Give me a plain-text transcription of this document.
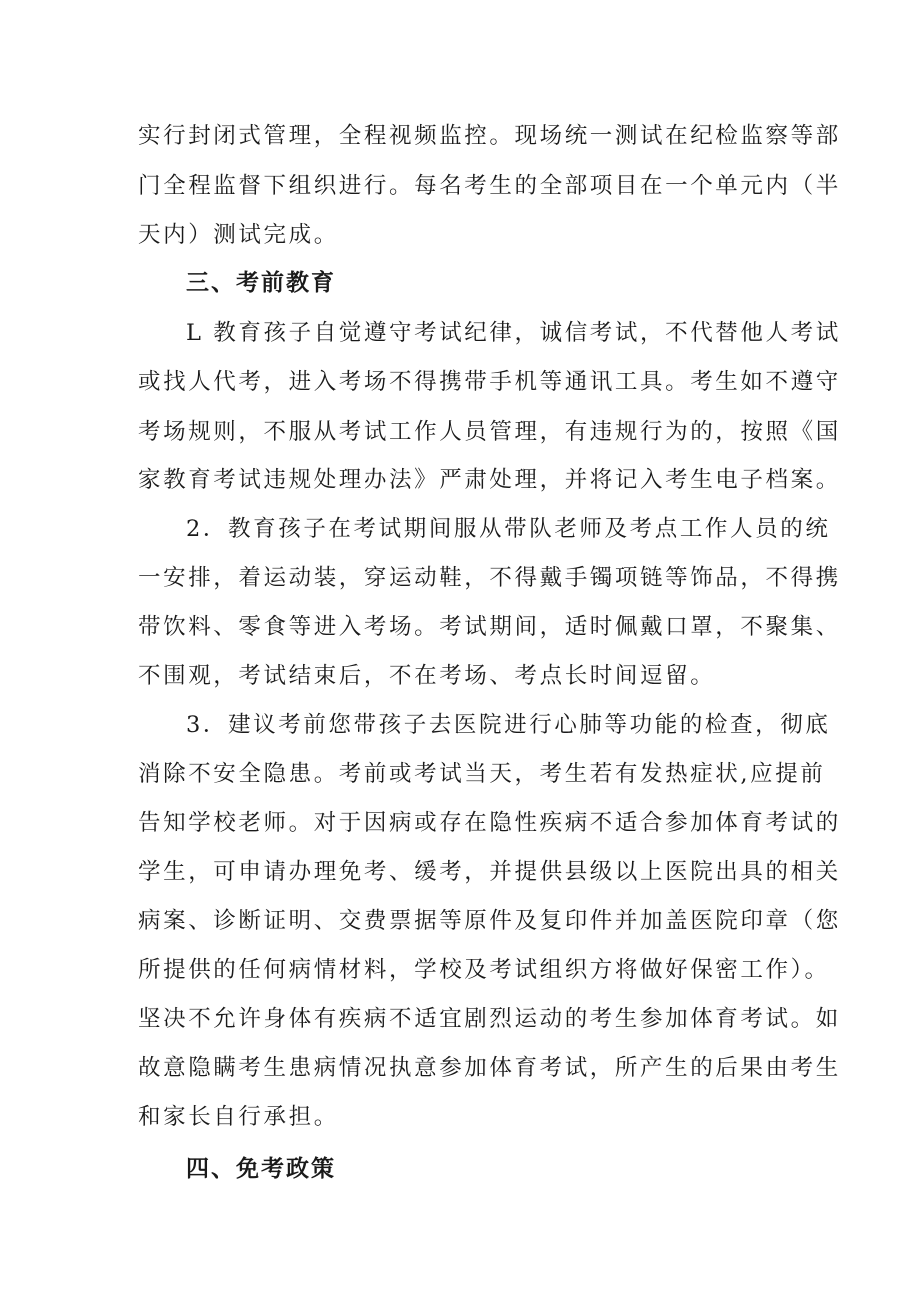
实行封闭式管理，全程视频监控。现场统一测试在纪检监察等部
门全程监督下组织进行。每名考生的全部项目在一个单元内（半
天内）测试完成。
三、考前教育
L 教育孩子自觉遵守考试纪律，诚信考试，不代替他人考试
或找人代考，进入考场不得携带手机等通讯工具。考生如不遵守
考场规则，不服从考试工作人员管理，有违规行为的，按照《国
家教育考试违规处理办法》严肃处理，并将记入考生电子档案。
2．教育孩子在考试期间服从带队老师及考点工作人员的统
一安排，着运动装，穿运动鞋，不得戴手镯项链等饰品，不得携
带饮料、零食等进入考场。考试期间，适时佩戴口罩，不聚集、
不围观，考试结束后，不在考场、考点长时间逗留。
3．建议考前您带孩子去医院进行心肺等功能的检查，彻底
消除不安全隐患。考前或考试当天，考生若有发热症状,应提前
告知学校老师。对于因病或存在隐性疾病不适合参加体育考试的
学生，可申请办理免考、缓考，并提供县级以上医院出具的相关
病案、诊断证明、交费票据等原件及复印件并加盖医院印章（您
所提供的任何病情材料，学校及考试组织方将做好保密工作）。
坚决不允许身体有疾病不适宜剧烈运动的考生参加体育考试。如
故意隐瞒考生患病情况执意参加体育考试，所产生的后果由考生
和家长自行承担。
四、免考政策
